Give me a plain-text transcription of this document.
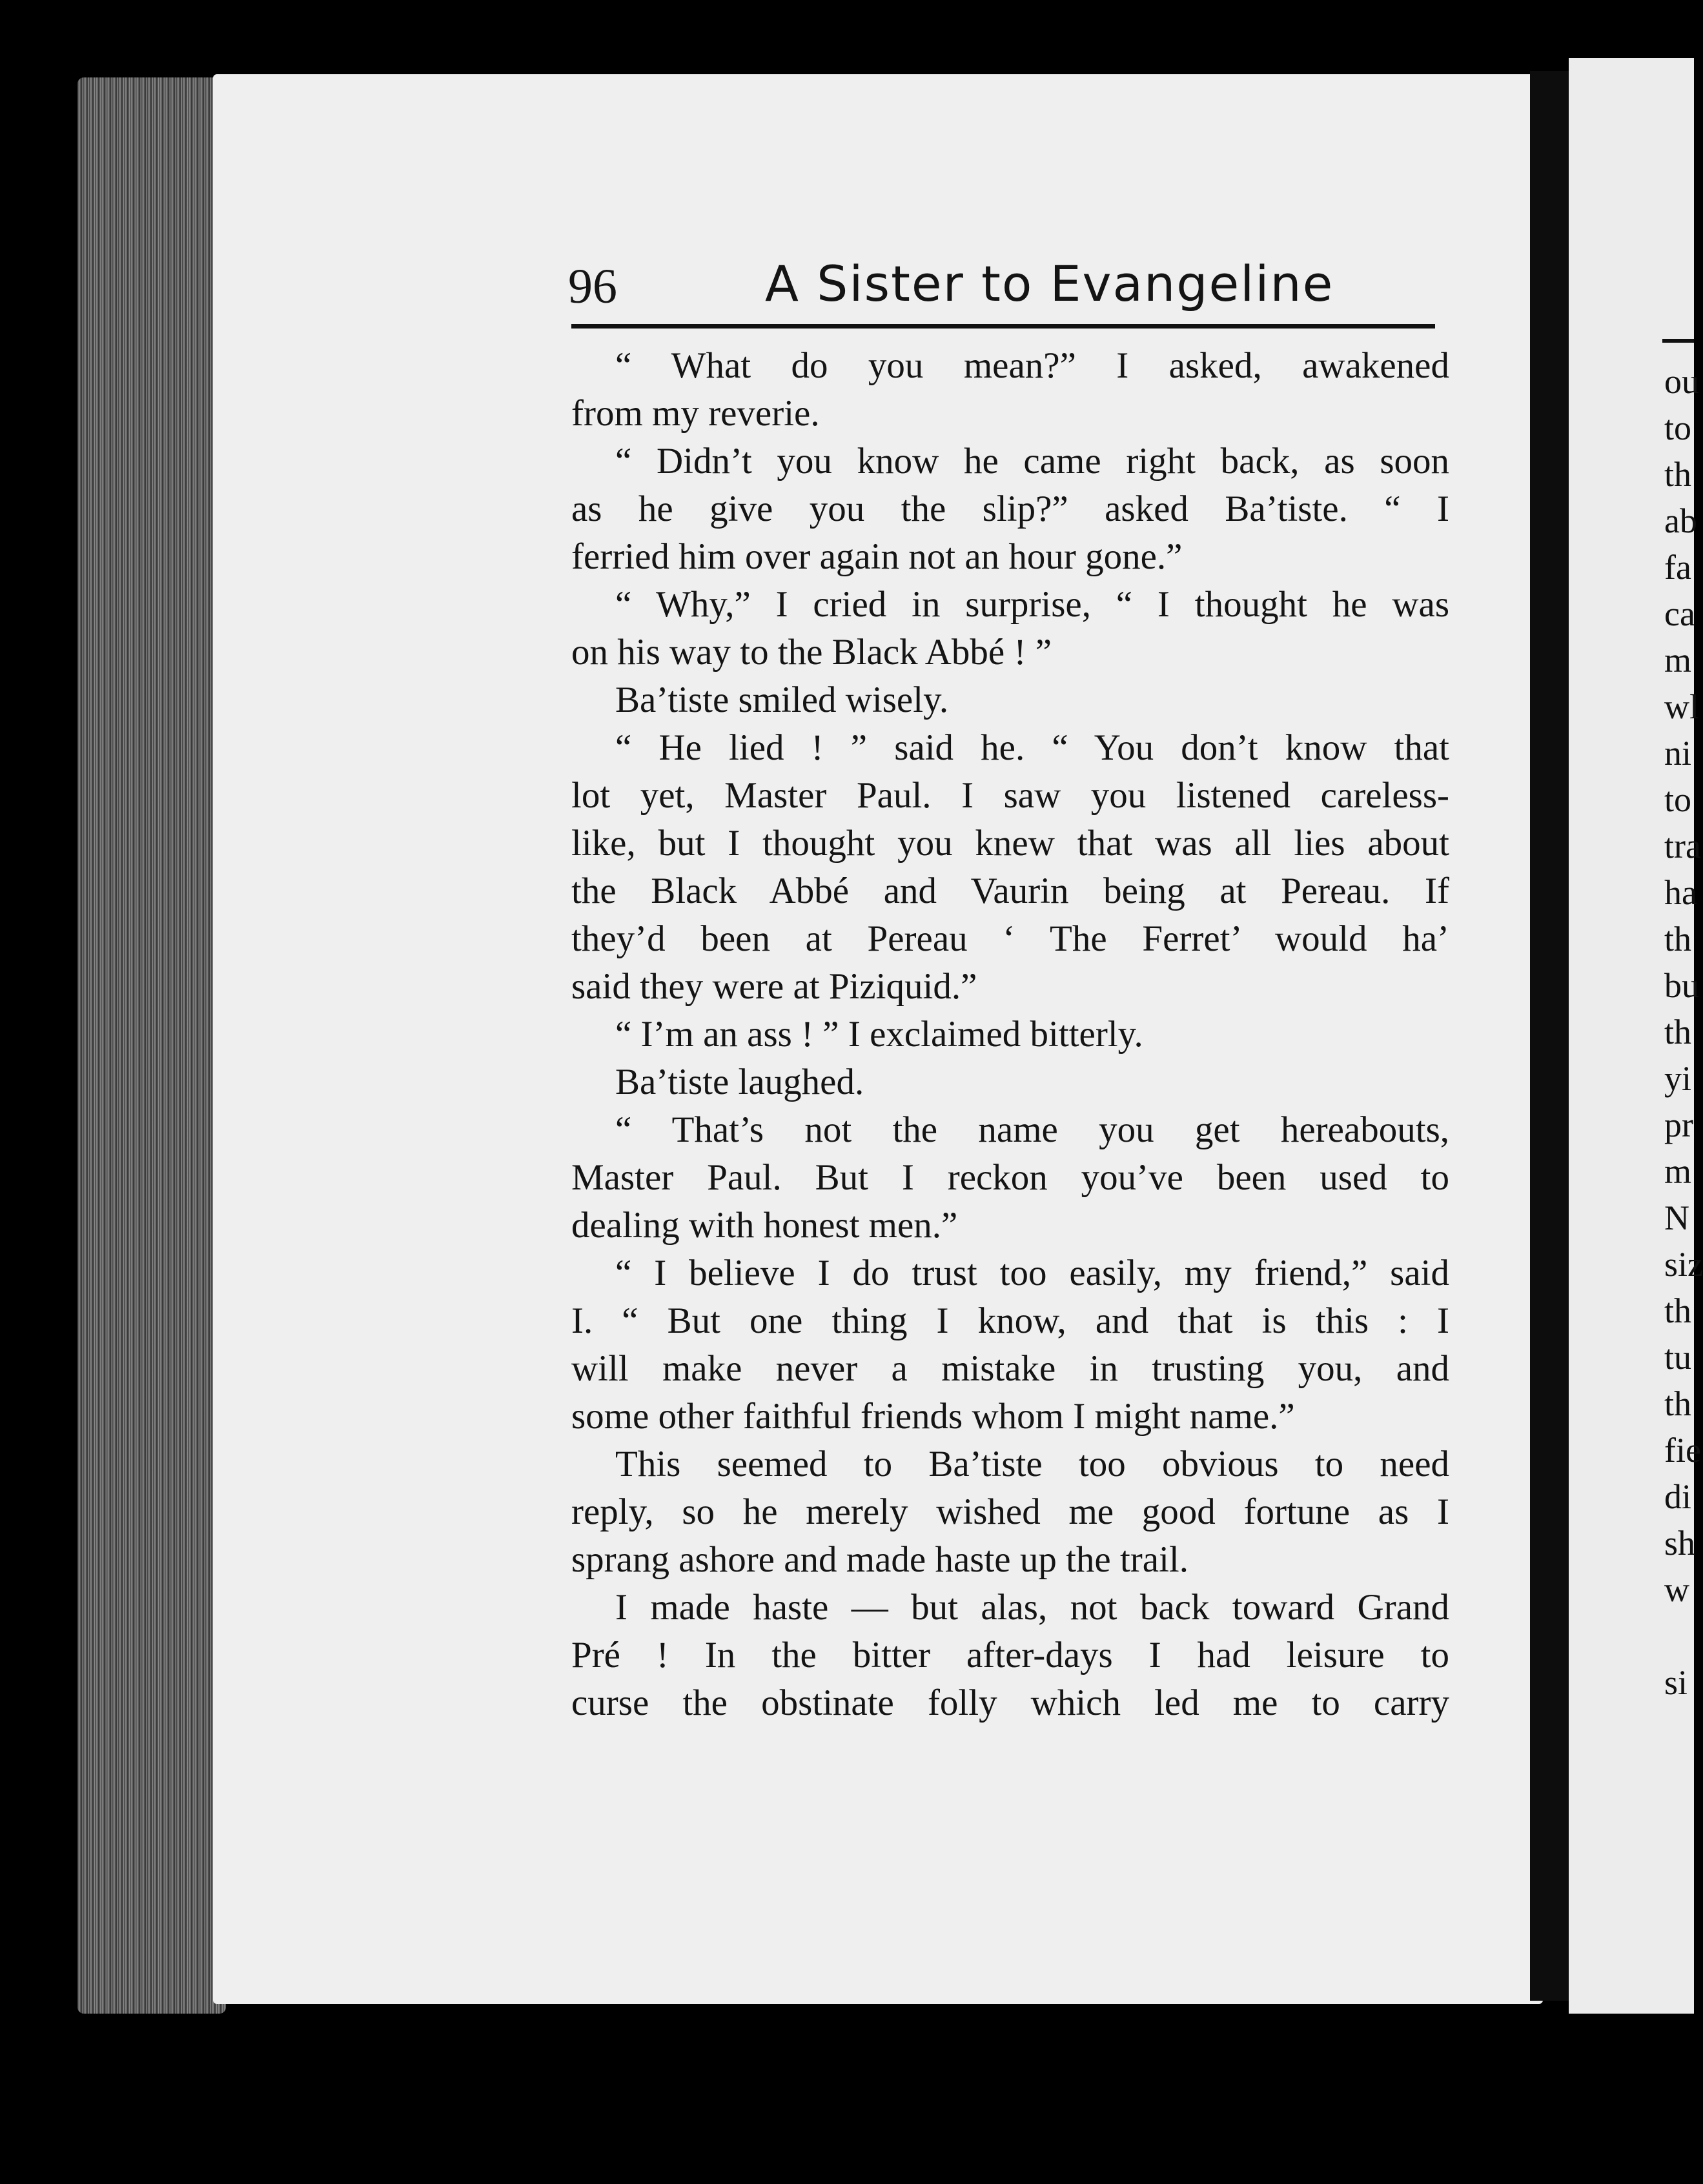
ou
to
th
ab
fa
ca
m
wl
ni
to
tra
ha
th
bu
th
yi
pr
m
N
siz
th
tu
th
fie
di
sh
w
si
96	A Sister to Evangeline
“ What do you mean?” I asked, awakened
from my reverie.
“ Didn’t you know he came right back, as soon
as he give you the slip?” asked Ba’tiste. “ I
ferried him over again not an hour gone.”
“ Why,” I cried in surprise, “ I thought he was
on his way to the Black Abbé ! ”
Ba’tiste smiled wisely.
“ He lied ! ” said he. “ You don’t know that
lot yet, Master Paul. I saw you listened careless-
like, but I thought you knew that was all lies about
the Black Abbé and Vaurin being at Pereau. If
they’d been at Pereau ‘ The Ferret’ would ha’
said they were at Piziquid.”
“ I’m an ass ! ” I exclaimed bitterly.
Ba’tiste laughed.
“ That’s not the name you get hereabouts,
Master Paul. But I reckon you’ve been used to
dealing with honest men.”
“ I believe I do trust too easily, my friend,” said
I. “ But one thing I know, and that is this : I
will make never a mistake in trusting you, and
some other faithful friends whom I might name.”
This seemed to Ba’tiste too obvious to need
reply, so he merely wished me good fortune as I
sprang ashore and made haste up the trail.
I made haste — but alas, not back toward Grand
Pré ! In the bitter after-days I had leisure to
curse the obstinate folly which led me to carry
